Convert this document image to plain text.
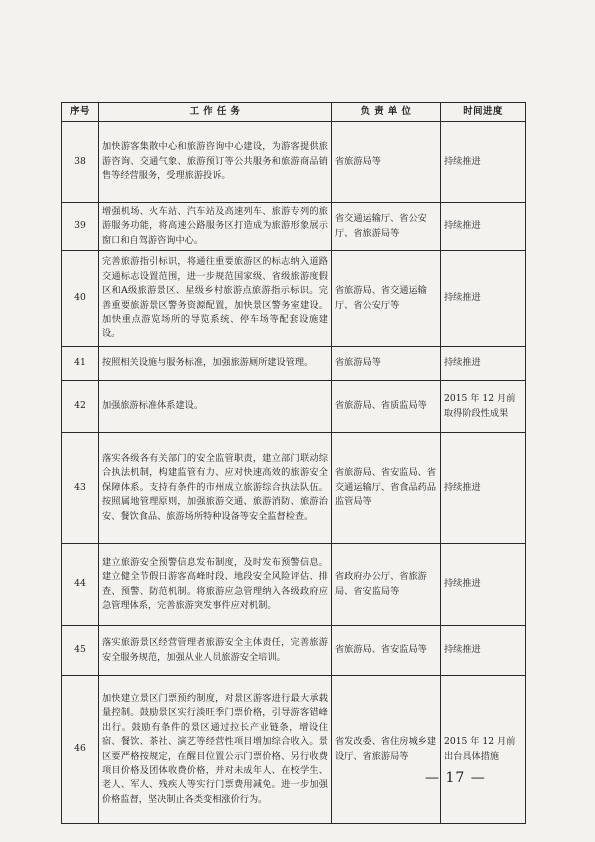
序号	工 作 任 务	负 责 单 位	时间进度
38	加快游客集散中心和旅游咨询中心建设，为游客提供旅游咨询、交通气象、旅游预订等公共服务和旅游商品销售等经营服务，受理旅游投诉。	省旅游局等	持续推进
39	增强机场、火车站、汽车站及高速列车、旅游专列的旅游服务功能，将高速公路服务区打造成为旅游形象展示窗口和自驾游咨询中心。	省交通运输厅、省公安厅、省旅游局等	持续推进
40	完善旅游指引标识，将通往重要旅游区的标志纳入道路交通标志设置范围，进一步规范国家级、省级旅游度假区和A级旅游景区、星级乡村旅游点旅游指示标识。完善重要旅游景区警务资源配置，加快景区警务室建设。加快重点游览场所的导览系统、停车场等配套设施建设。	省旅游局、省交通运输厅、省公安厅等	持续推进
41	按照相关设施与服务标准，加强旅游厕所建设管理。	省旅游局等	持续推进
42	加强旅游标准体系建设。	省旅游局、省质监局等	2015 年 12 月前取得阶段性成果
43	落实各级各有关部门的安全监管职责，建立部门联动综合执法机制，构建监管有力、应对快速高效的旅游安全保障体系。支持有条件的市州成立旅游综合执法队伍。按照属地管理原则，加强旅游交通、旅游消防、旅游治安、餐饮食品、旅游场所特种设备等安全监督检查。	省旅游局、省安监局、省交通运输厅、省食品药品监管局等	持续推进
44	建立旅游安全预警信息发布制度，及时发布预警信息。建立健全节假日游客高峰时段、地段安全风险评估、排查、预警、防范机制。将旅游应急管理纳入各级政府应急管理体系，完善旅游突发事件应对机制。	省政府办公厅、省旅游局、省安监局等	持续推进
45	落实旅游景区经营管理者旅游安全主体责任，完善旅游安全服务规范，加强从业人员旅游安全培训。	省旅游局、省安监局等	持续推进
46	加快建立景区门票预约制度，对景区游客进行最大承载量控制。鼓励景区实行淡旺季门票价格，引导游客错峰出行。鼓励有条件的景区通过拉长产业链条，增设住宿、餐饮、茶社、演艺等经营性项目增加综合收入。景区要严格按规定，在醒目位置公示门票价格、另行收费项目价格及团体收费价格，并对未成年人、在校学生、老人、军人、残疾人等实行门票费用减免。进一步加强价格监督，坚决制止各类变相涨价行为。	省发改委、省住房城乡建设厅、省旅游局等	2015 年 12 月前出台具体措施
— 17 —
